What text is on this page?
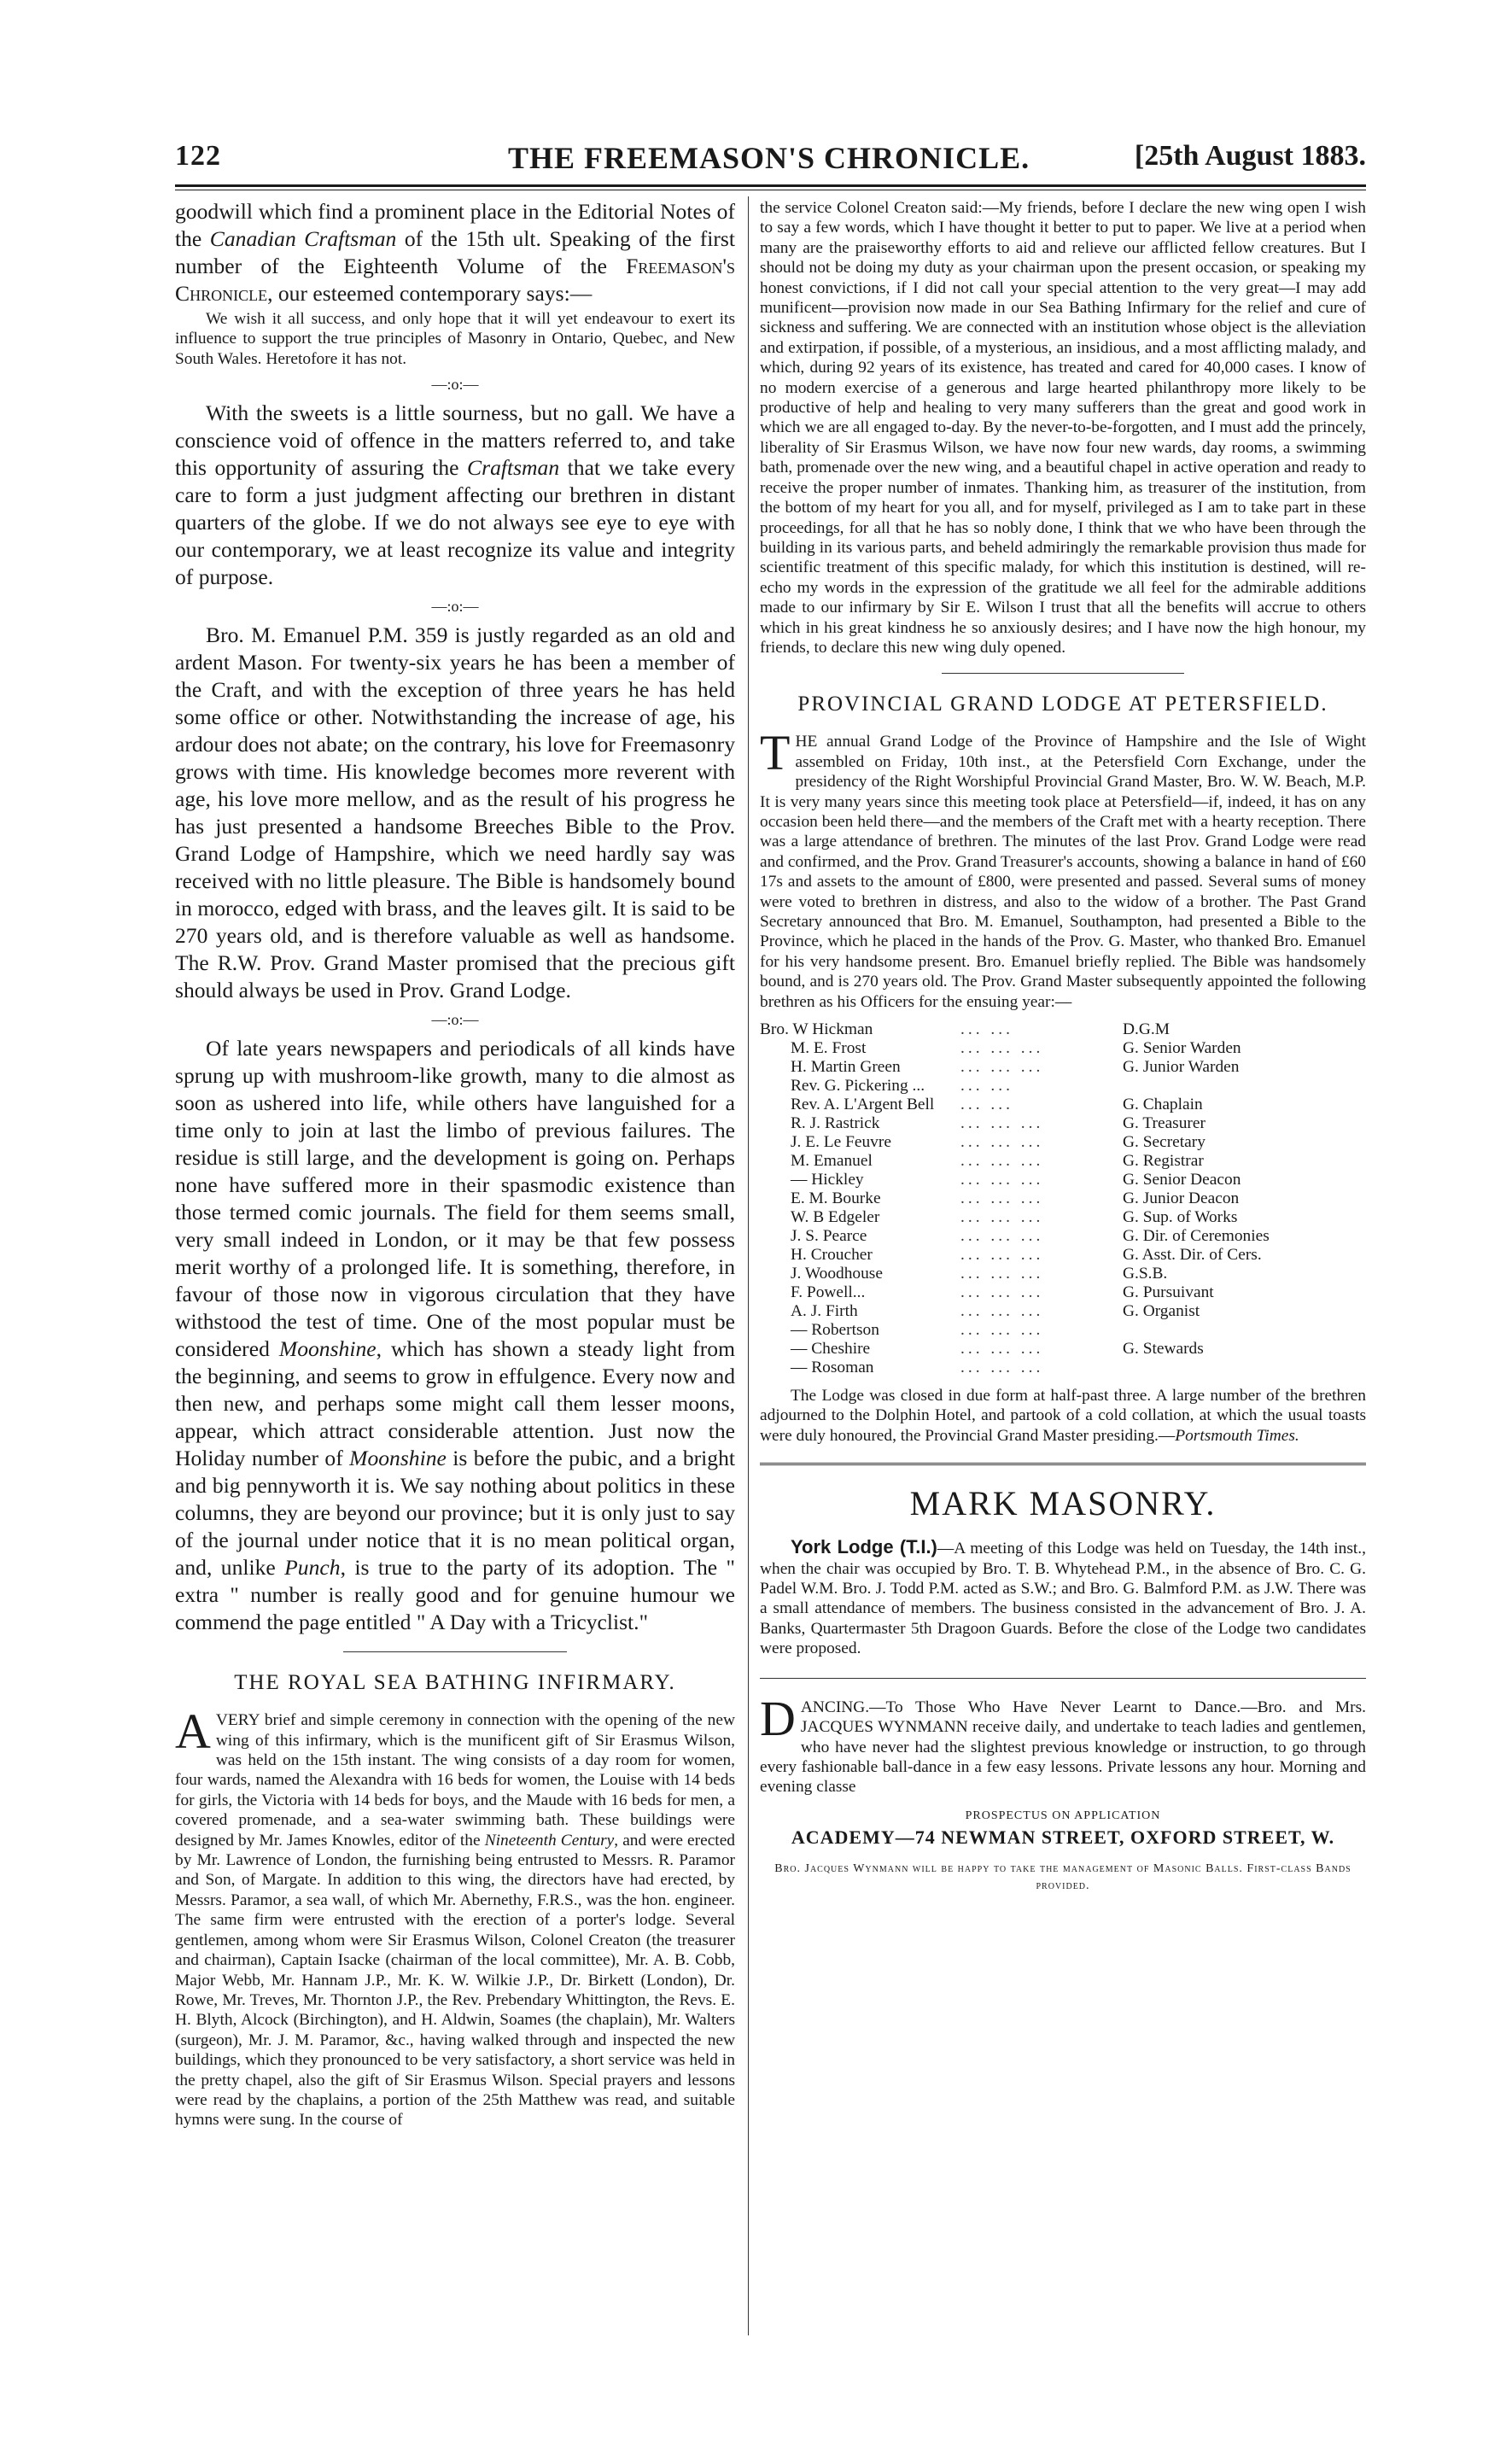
122	THE FREEMASON'S CHRONICLE.	[25th August 1883.

goodwill which find a prominent place in the Editorial Notes of the Canadian Craftsman of the 15th ult. Speaking of the first number of the Eighteenth Volume of the Freemason's Chronicle, our esteemed contemporary says:—

We wish it all success, and only hope that it will yet endeavour to exert its influence to support the true principles of Masonry in Ontario, Quebec, and New South Wales. Heretofore it has not.

—:o:—

With the sweets is a little sourness, but no gall. We have a conscience void of offence in the matters referred to, and take this opportunity of assuring the Craftsman that we take every care to form a just judgment affecting our brethren in distant quarters of the globe. If we do not always see eye to eye with our contemporary, we at least recognize its value and integrity of purpose.

—:o:—

Bro. M. Emanuel P.M. 359 is justly regarded as an old and ardent Mason. For twenty-six years he has been a member of the Craft, and with the exception of three years he has held some office or other. Notwithstanding the increase of age, his ardour does not abate; on the contrary, his love for Freemasonry grows with time. His knowledge becomes more reverent with age, his love more mellow, and as the result of his progress he has just presented a handsome Breeches Bible to the Prov. Grand Lodge of Hampshire, which we need hardly say was received with no little pleasure. The Bible is handsomely bound in morocco, edged with brass, and the leaves gilt. It is said to be 270 years old, and is therefore valuable as well as handsome. The R.W. Prov. Grand Master promised that the precious gift should always be used in Prov. Grand Lodge.

—:o:—

Of late years newspapers and periodicals of all kinds have sprung up with mushroom-like growth, many to die almost as soon as ushered into life, while others have languished for a time only to join at last the limbo of previous failures. The residue is still large, and the development is going on. Perhaps none have suffered more in their spasmodic existence than those termed comic journals. The field for them seems small, very small indeed in London, or it may be that few possess merit worthy of a prolonged life. It is something, therefore, in favour of those now in vigorous circulation that they have withstood the test of time. One of the most popular must be considered Moonshine, which has shown a steady light from the beginning, and seems to grow in effulgence. Every now and then new, and perhaps some might call them lesser moons, appear, which attract considerable attention. Just now the Holiday number of Moonshine is before the pubic, and a bright and big pennyworth it is. We say nothing about politics in these columns, they are beyond our province; but it is only just to say of the journal under notice that it is no mean political organ, and, unlike Punch, is true to the party of its adoption. The " extra " number is really good and for genuine humour we commend the page entitled " A Day with a Tricyclist."

THE ROYAL SEA BATHING INFIRMARY.

AVERY brief and simple ceremony in connection with the opening of the new wing of this infirmary, which is the munificent gift of Sir Erasmus Wilson, was held on the 15th instant. The wing consists of a day room for women, four wards, named the Alexandra with 16 beds for women, the Louise with 14 beds for girls, the Victoria with 14 beds for boys, and the Maude with 16 beds for men, a covered promenade, and a sea-water swimming bath. These buildings were designed by Mr. James Knowles, editor of the Nineteenth Century, and were erected by Mr. Lawrence of London, the furnishing being entrusted to Messrs. R. Paramor and Son, of Margate. In addition to this wing, the directors have had erected, by Messrs. Paramor, a sea wall, of which Mr. Abernethy, F.R.S., was the hon. engineer. The same firm were entrusted with the erection of a porter's lodge. Several gentlemen, among whom were Sir Erasmus Wilson, Colonel Creaton (the treasurer and chairman), Captain Isacke (chairman of the local committee), Mr. A. B. Cobb, Major Webb, Mr. Hannam J.P., Mr. K. W. Wilkie J.P., Dr. Birkett (London), Dr. Rowe, Mr. Treves, Mr. Thornton J.P., the Rev. Prebendary Whittington, the Revs. E. H. Blyth, Alcock (Birchington), and H. Aldwin, Soames (the chaplain), Mr. Walters (surgeon), Mr. J. M. Paramor, &c., having walked through and inspected the new buildings, which they pronounced to be very satisfactory, a short service was held in the pretty chapel, also the gift of Sir Erasmus Wilson. Special prayers and lessons were read by the chaplains, a portion of the 25th Matthew was read, and suitable hymns were sung. In the course of

the service Colonel Creaton said:—My friends, before I declare the new wing open I wish to say a few words, which I have thought it better to put to paper. We live at a period when many are the praiseworthy efforts to aid and relieve our afflicted fellow creatures. But I should not be doing my duty as your chairman upon the present occasion, or speaking my honest convictions, if I did not call your special attention to the very great—I may add munificent—provision now made in our Sea Bathing Infirmary for the relief and cure of sickness and suffering. We are connected with an institution whose object is the alleviation and extirpation, if possible, of a mysterious, an insidious, and a most afflicting malady, and which, during 92 years of its existence, has treated and cared for 40,000 cases. I know of no modern exercise of a generous and large hearted philanthropy more likely to be productive of help and healing to very many sufferers than the great and good work in which we are all engaged to-day. By the never-to-be-forgotten, and I must add the princely, liberality of Sir Erasmus Wilson, we have now four new wards, day rooms, a swimming bath, promenade over the new wing, and a beautiful chapel in active operation and ready to receive the proper number of inmates. Thanking him, as treasurer of the institution, from the bottom of my heart for you all, and for myself, privileged as I am to take part in these proceedings, for all that he has so nobly done, I think that we who have been through the building in its various parts, and beheld admiringly the remarkable provision thus made for scientific treatment of this specific malady, for which this institution is destined, will re-echo my words in the expression of the gratitude we all feel for the admirable additions made to our infirmary by Sir E. Wilson I trust that all the benefits will accrue to others which in his great kindness he so anxiously desires; and I have now the high honour, my friends, to declare this new wing duly opened.

PROVINCIAL GRAND LODGE AT PETERSFIELD.

THE annual Grand Lodge of the Province of Hampshire and the Isle of Wight assembled on Friday, 10th inst., at the Petersfield Corn Exchange, under the presidency of the Right Worshipful Provincial Grand Master, Bro. W. W. Beach, M.P. It is very many years since this meeting took place at Petersfield—if, indeed, it has on any occasion been held there—and the members of the Craft met with a hearty reception. There was a large attendance of brethren. The minutes of the last Prov. Grand Lodge were read and confirmed, and the Prov. Grand Treasurer's accounts, showing a balance in hand of £60 17s and assets to the amount of £800, were presented and passed. Several sums of money were voted to brethren in distress, and also to the widow of a brother. The Past Grand Secretary announced that Bro. M. Emanuel, Southampton, had presented a Bible to the Province, which he placed in the hands of the Prov. G. Master, who thanked Bro. Emanuel for his very handsome present. Bro. Emanuel briefly replied. The Bible was handsomely bound, and is 270 years old. The Prov. Grand Master subsequently appointed the following brethren as his Officers for the ensuing year:—

Bro. W Hickman	... ...	D.G.M
M. E. Frost	... ... ...	G. Senior Warden
H. Martin Green	... ... ...	G. Junior Warden
Rev. G. Pickering ...	... ...
Rev. A. L'Argent Bell	... ...	G. Chaplain
R. J. Rastrick	... ... ...	G. Treasurer
J. E. Le Feuvre	... ... ...	G. Secretary
M. Emanuel	... ... ...	G. Registrar
— Hickley	... ... ...	G. Senior Deacon
E. M. Bourke	... ... ...	G. Junior Deacon
W. B Edgeler	... ... ...	G. Sup. of Works
J. S. Pearce	... ... ...	G. Dir. of Ceremonies
H. Croucher	... ... ...	G. Asst. Dir. of Cers.
J. Woodhouse	... ... ...	G.S.B.
F. Powell...	... ... ...	G. Pursuivant
A. J. Firth	... ... ...	G. Organist
— Robertson	... ... ...
— Cheshire	... ... ...	G. Stewards
— Rosoman	... ... ...

The Lodge was closed in due form at half-past three. A large number of the brethren adjourned to the Dolphin Hotel, and partook of a cold collation, at which the usual toasts were duly honoured, the Provincial Grand Master presiding.—Portsmouth Times.

MARK MASONRY.

York Lodge (T.I.)—A meeting of this Lodge was held on Tuesday, the 14th inst., when the chair was occupied by Bro. T. B. Whytehead P.M., in the absence of Bro. C. G. Padel W.M. Bro. J. Todd P.M. acted as S.W.; and Bro. G. Balmford P.M. as J.W. There was a small attendance of members. The business consisted in the advancement of Bro. J. A. Banks, Quartermaster 5th Dragoon Guards. Before the close of the Lodge two candidates were proposed.

DANCING.—To Those Who Have Never Learnt to Dance.—Bro. and Mrs. JACQUES WYNMANN receive daily, and undertake to teach ladies and gentlemen, who have never had the slightest previous knowledge or instruction, to go through every fashionable ball-dance in a few easy lessons. Private lessons any hour. Morning and evening classe

PROSPECTUS ON APPLICATION
ACADEMY—74 NEWMAN STREET, OXFORD STREET, W.
Bro. Jacques Wynmann will be happy to take the management of Masonic Balls. First-class Bands provided.
